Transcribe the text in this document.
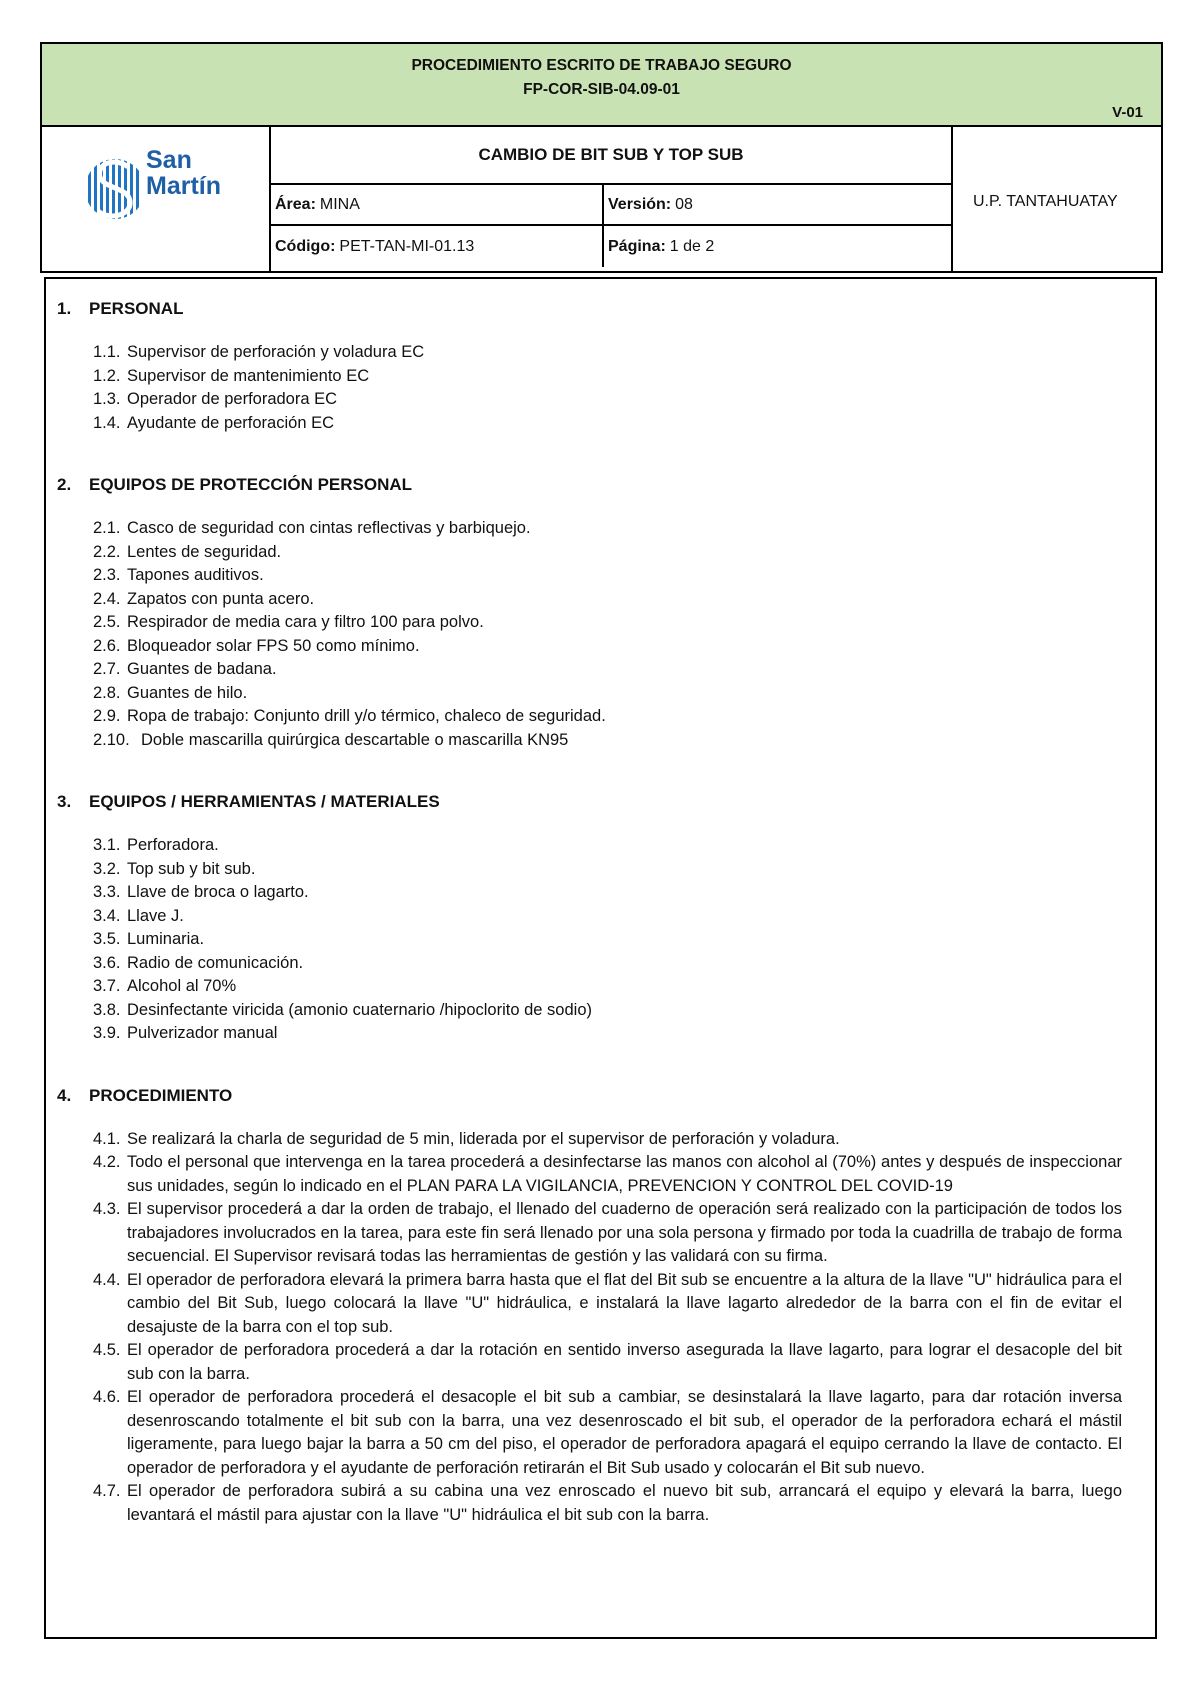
PROCEDIMIENTO ESCRITO DE TRABAJO SEGURO
FP-COR-SIB-04.09-01
V-01
San
Martín
CAMBIO DE BIT SUB Y TOP SUB
Área: MINA	Versión: 08
Código: PET-TAN-MI-01.13	Página: 1 de 2
U.P. TANTAHUATAY
1.	PERSONAL
1.1. Supervisor de perforación y voladura EC
1.2. Supervisor de mantenimiento EC
1.3. Operador de perforadora EC
1.4. Ayudante de perforación EC
2.	EQUIPOS DE PROTECCIÓN PERSONAL
2.1. Casco de seguridad con cintas reflectivas y barbiquejo.
2.2. Lentes de seguridad.
2.3. Tapones auditivos.
2.4. Zapatos con punta acero.
2.5. Respirador de media cara y filtro 100 para polvo.
2.6. Bloqueador solar FPS 50 como mínimo.
2.7. Guantes de badana.
2.8. Guantes de hilo.
2.9. Ropa de trabajo: Conjunto drill y/o térmico, chaleco de seguridad.
2.10. Doble mascarilla quirúrgica descartable o mascarilla KN95
3.	EQUIPOS / HERRAMIENTAS / MATERIALES
3.1. Perforadora.
3.2. Top sub y bit sub.
3.3. Llave de broca o lagarto.
3.4. Llave J.
3.5. Luminaria.
3.6. Radio de comunicación.
3.7. Alcohol al 70%
3.8. Desinfectante viricida (amonio cuaternario /hipoclorito de sodio)
3.9. Pulverizador manual
4.	PROCEDIMIENTO
4.1. Se realizará la charla de seguridad de 5 min, liderada por el supervisor de perforación y voladura.
4.2. Todo el personal que intervenga en la tarea procederá a desinfectarse las manos con alcohol al (70%) antes y después de inspeccionar sus unidades, según lo indicado en el PLAN PARA LA VIGILANCIA, PREVENCION Y CONTROL DEL COVID-19
4.3. El supervisor procederá a dar la orden de trabajo, el llenado del cuaderno de operación será realizado con la participación de todos los trabajadores involucrados en la tarea, para este fin será llenado por una sola persona y firmado por toda la cuadrilla de trabajo de forma secuencial. El Supervisor revisará todas las herramientas de gestión y las validará con su firma.
4.4. El operador de perforadora elevará la primera barra hasta que el flat del Bit sub se encuentre a la altura de la llave "U" hidráulica para el cambio del Bit Sub, luego colocará la llave "U" hidráulica, e instalará la llave lagarto alrededor de la barra con el fin de evitar el desajuste de la barra con el top sub.
4.5. El operador de perforadora procederá a dar la rotación en sentido inverso asegurada la llave lagarto, para lograr el desacople del bit sub con la barra.
4.6. El operador de perforadora procederá el desacople el bit sub a cambiar, se desinstalará la llave lagarto, para dar rotación inversa desenroscando totalmente el bit sub con la barra, una vez desenroscado el bit sub, el operador de la perforadora echará el mástil ligeramente, para luego bajar la barra a 50 cm del piso, el operador de perforadora apagará el equipo cerrando la llave de contacto. El operador de perforadora y el ayudante de perforación retirarán el Bit Sub usado y colocarán el Bit sub nuevo.
4.7. El operador de perforadora subirá a su cabina una vez enroscado el nuevo bit sub, arrancará el equipo y elevará la barra, luego levantará el mástil para ajustar con la llave "U" hidráulica el bit sub con la barra.
